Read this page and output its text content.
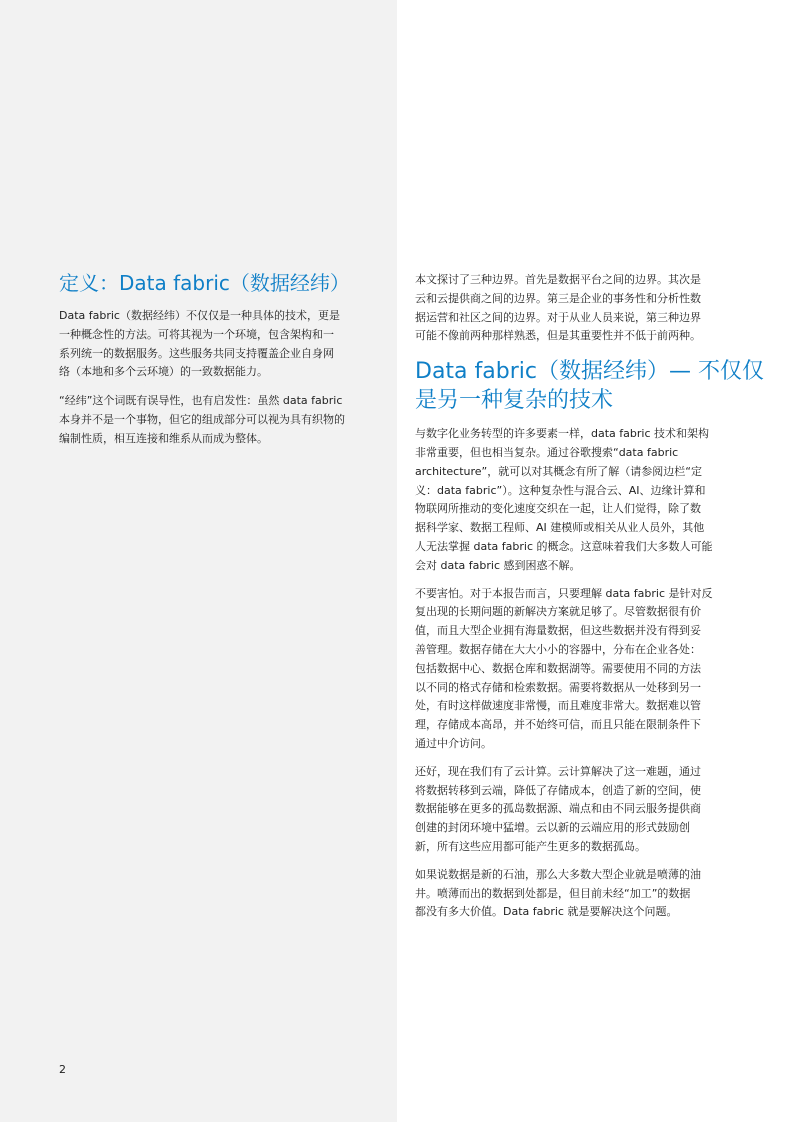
定义：Data fabric（数据经纬）

Data fabric（数据经纬）不仅仅是一种具体的技术，更是
一种概念性的方法。可将其视为一个环境，包含架构和一
系列统一的数据服务。这些服务共同支持覆盖企业自身网
络（本地和多个云环境）的一致数据能力。

“经纬”这个词既有误导性，也有启发性：虽然 data fabric
本身并不是一个事物，但它的组成部分可以视为具有织物的
编制性质，相互连接和维系从而成为整体。

本文探讨了三种边界。首先是数据平台之间的边界。其次是
云和云提供商之间的边界。第三是企业的事务性和分析性数
据运营和社区之间的边界。对于从业人员来说，第三种边界
可能不像前两种那样熟悉，但是其重要性并不低于前两种。

Data fabric（数据经纬）— 不仅仅
是另一种复杂的技术

与数字化业务转型的许多要素一样，data fabric 技术和架构
非常重要，但也相当复杂。通过谷歌搜索“data fabric
architecture”，就可以对其概念有所了解（请参阅边栏“定
义：data fabric”）。这种复杂性与混合云、AI、边缘计算和
物联网所推动的变化速度交织在一起，让人们觉得，除了数
据科学家、数据工程师、AI 建模师或相关从业人员外，其他
人无法掌握 data fabric 的概念。这意味着我们大多数人可能
会对 data fabric 感到困惑不解。

不要害怕。对于本报告而言，只要理解 data fabric 是针对反
复出现的长期问题的新解决方案就足够了。尽管数据很有价
值，而且大型企业拥有海量数据，但这些数据并没有得到妥
善管理。数据存储在大大小小的容器中，分布在企业各处：
包括数据中心、数据仓库和数据湖等。需要使用不同的方法
以不同的格式存储和检索数据。需要将数据从一处移到另一
处，有时这样做速度非常慢，而且难度非常大。数据难以管
理，存储成本高昂，并不始终可信，而且只能在限制条件下
通过中介访问。

还好，现在我们有了云计算。云计算解决了这一难题，通过
将数据转移到云端，降低了存储成本，创造了新的空间，使
数据能够在更多的孤岛数据源、端点和由不同云服务提供商
创建的封闭环境中猛增。云以新的云端应用的形式鼓励创
新，所有这些应用都可能产生更多的数据孤岛。

如果说数据是新的石油，那么大多数大型企业就是喷薄的油
井。喷薄而出的数据到处都是，但目前未经“加工”的数据
都没有多大价值。Data fabric 就是要解决这个问题。

2
